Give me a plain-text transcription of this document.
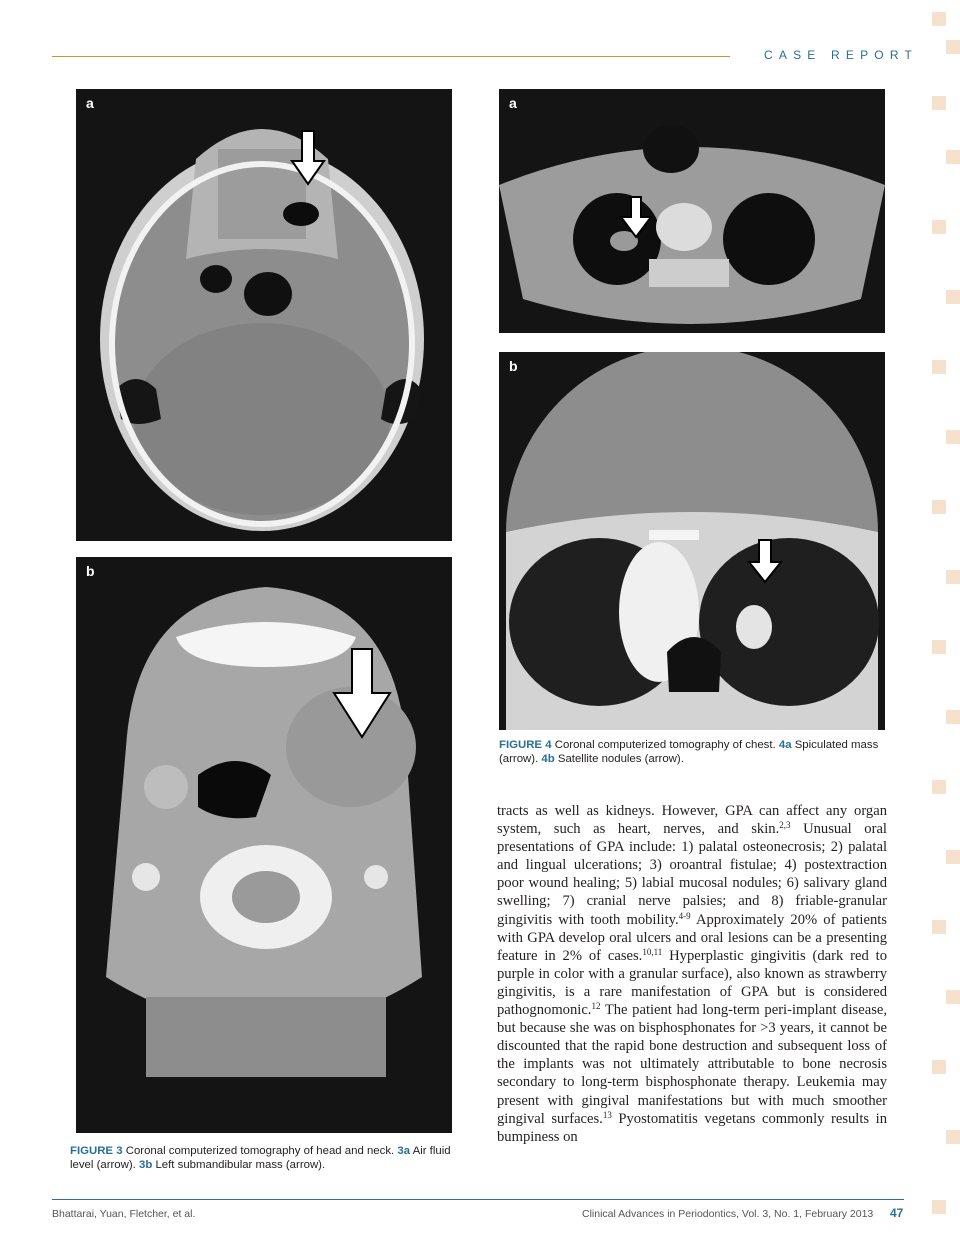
CASE REPORT
a
b
FIGURE 3 Coronal computerized tomography of head and neck. 3a Air fluid level (arrow). 3b Left submandibular mass (arrow).
a
b
FIGURE 4 Coronal computerized tomography of chest. 4a Spiculated mass (arrow). 4b Satellite nodules (arrow).
tracts as well as kidneys. However, GPA can affect any organ system, such as heart, nerves, and skin.$^{2,3}$ Unusual oral presentations of GPA include: 1) palatal osteonecrosis; 2) palatal and lingual ulcerations; 3) oroantral fistulae; 4) postextraction poor wound healing; 5) labial mucosal nodules; 6) salivary gland swelling; 7) cranial nerve palsies; and 8) friable-granular gingivitis with tooth mobility.$^{4-9}$ Approximately 20% of patients with GPA develop oral ulcers and oral lesions can be a presenting feature in 2% of cases.$^{10,11}$ Hyperplastic gingivitis (dark red to purple in color with a granular surface), also known as strawberry gingivitis, is a rare manifestation of GPA but is considered pathognomonic.$^{12}$ The patient had long-term peri-implant disease, but because she was on bisphosphonates for >3 years, it cannot be discounted that the rapid bone destruction and subsequent loss of the implants was not ultimately attributable to bone necrosis secondary to long-term bisphosphonate therapy. Leukemia may present with gingival manifestations but with much smoother gingival surfaces.$^{13}$ Pyostomatitis vegetans commonly results in bumpiness on
Bhattarai, Yuan, Fletcher, et al.	Clinical Advances in Periodontics, Vol. 3, No. 1, February 2013 47
